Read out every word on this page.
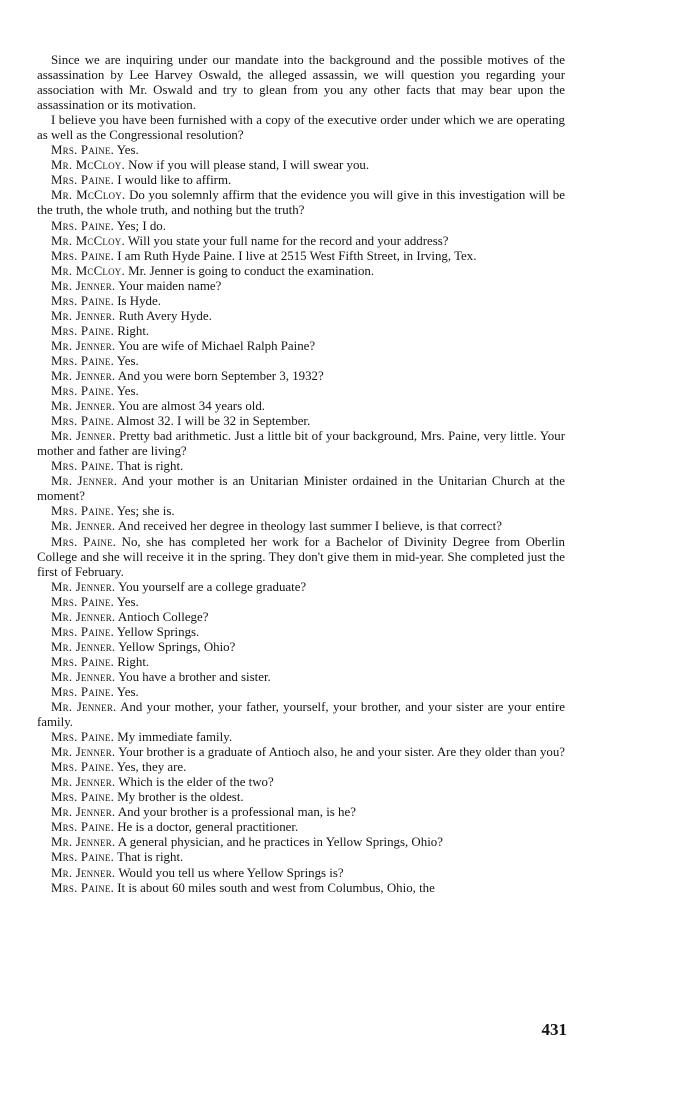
Since we are inquiring under our mandate into the background and the possible motives of the assassination by Lee Harvey Oswald, the alleged assassin, we will question you regarding your association with Mr. Oswald and try to glean from you any other facts that may bear upon the assassination or its motivation.

I believe you have been furnished with a copy of the executive order under which we are operating as well as the Congressional resolution?

Mrs. Paine. Yes.

Mr. McCloy. Now if you will please stand, I will swear you.

Mrs. Paine. I would like to affirm.

Mr. McCloy. Do you solemnly affirm that the evidence you will give in this investigation will be the truth, the whole truth, and nothing but the truth?

Mrs. Paine. Yes; I do.

Mr. McCloy. Will you state your full name for the record and your address?

Mrs. Paine. I am Ruth Hyde Paine. I live at 2515 West Fifth Street, in Irving, Tex.

Mr. McCloy. Mr. Jenner is going to conduct the examination.

Mr. Jenner. Your maiden name?

Mrs. Paine. Is Hyde.

Mr. Jenner. Ruth Avery Hyde.

Mrs. Paine. Right.

Mr. Jenner. You are wife of Michael Ralph Paine?

Mrs. Paine. Yes.

Mr. Jenner. And you were born September 3, 1932?

Mrs. Paine. Yes.

Mr. Jenner. You are almost 34 years old.

Mrs. Paine. Almost 32. I will be 32 in September.

Mr. Jenner. Pretty bad arithmetic. Just a little bit of your background, Mrs. Paine, very little. Your mother and father are living?

Mrs. Paine. That is right.

Mr. Jenner. And your mother is an Unitarian Minister ordained in the Unitarian Church at the moment?

Mrs. Paine. Yes; she is.

Mr. Jenner. And received her degree in theology last summer I believe, is that correct?

Mrs. Paine. No, she has completed her work for a Bachelor of Divinity Degree from Oberlin College and she will receive it in the spring. They don't give them in mid-year. She completed just the first of February.

Mr. Jenner. You yourself are a college graduate?

Mrs. Paine. Yes.

Mr. Jenner. Antioch College?

Mrs. Paine. Yellow Springs.

Mr. Jenner. Yellow Springs, Ohio?

Mrs. Paine. Right.

Mr. Jenner. You have a brother and sister.

Mrs. Paine. Yes.

Mr. Jenner. And your mother, your father, yourself, your brother, and your sister are your entire family.

Mrs. Paine. My immediate family.

Mr. Jenner. Your brother is a graduate of Antioch also, he and your sister. Are they older than you?

Mrs. Paine. Yes, they are.

Mr. Jenner. Which is the elder of the two?

Mrs. Paine. My brother is the oldest.

Mr. Jenner. And your brother is a professional man, is he?

Mrs. Paine. He is a doctor, general practitioner.

Mr. Jenner. A general physician, and he practices in Yellow Springs, Ohio?

Mrs. Paine. That is right.

Mr. Jenner. Would you tell us where Yellow Springs is?

Mrs. Paine. It is about 60 miles south and west from Columbus, Ohio, the

431
